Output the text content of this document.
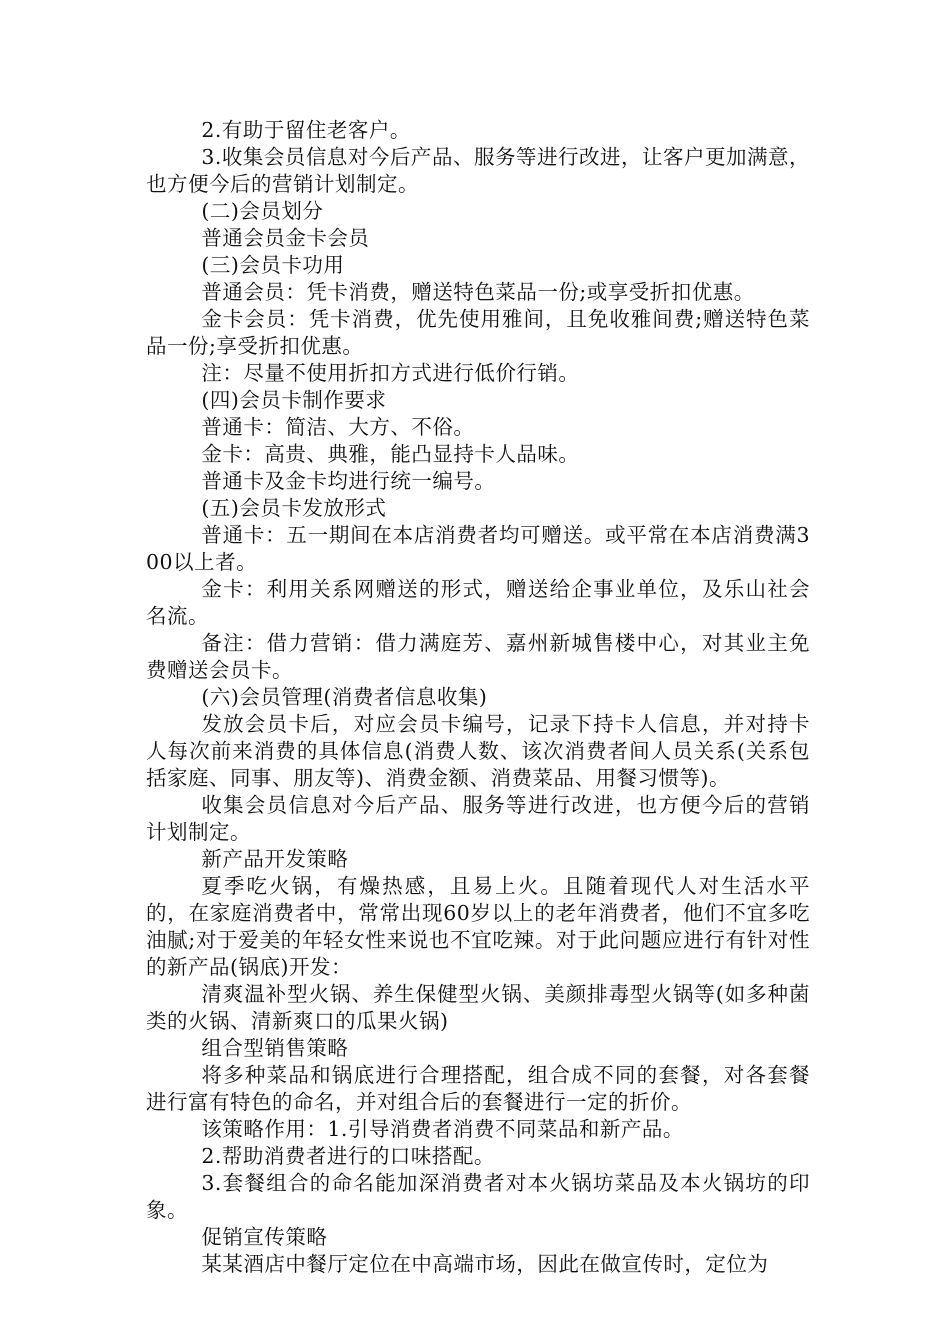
2.有助于留住老客户。

3.收集会员信息对今后产品、服务等进行改进，让客户更加满意，也方便今后的营销计划制定。

(二)会员划分

普通会员金卡会员

(三)会员卡功用

普通会员：凭卡消费，赠送特色菜品一份;或享受折扣优惠。

金卡会员：凭卡消费，优先使用雅间，且免收雅间费;赠送特色菜品一份;享受折扣优惠。

注：尽量不使用折扣方式进行低价行销。

(四)会员卡制作要求

普通卡：简洁、大方、不俗。

金卡：高贵、典雅，能凸显持卡人品味。

普通卡及金卡均进行统一编号。

(五)会员卡发放形式

普通卡：五一期间在本店消费者均可赠送。或平常在本店消费满300以上者。

金卡：利用关系网赠送的形式，赠送给企事业单位，及乐山社会名流。

备注：借力营销：借力满庭芳、嘉州新城售楼中心，对其业主免费赠送会员卡。

(六)会员管理(消费者信息收集)

发放会员卡后，对应会员卡编号，记录下持卡人信息，并对持卡人每次前来消费的具体信息(消费人数、该次消费者间人员关系(关系包括家庭、同事、朋友等)、消费金额、消费菜品、用餐习惯等)。

收集会员信息对今后产品、服务等进行改进，也方便今后的营销计划制定。

新产品开发策略

夏季吃火锅，有燥热感，且易上火。且随着现代人对生活水平的，在家庭消费者中，常常出现60岁以上的老年消费者，他们不宜多吃油腻;对于爱美的年轻女性来说也不宜吃辣。对于此问题应进行有针对性的新产品(锅底)开发：

清爽温补型火锅、养生保健型火锅、美颜排毒型火锅等(如多种菌类的火锅、清新爽口的瓜果火锅)

组合型销售策略

将多种菜品和锅底进行合理搭配，组合成不同的套餐，对各套餐进行富有特色的命名，并对组合后的套餐进行一定的折价。

该策略作用：1.引导消费者消费不同菜品和新产品。

2.帮助消费者进行的口味搭配。

3.套餐组合的命名能加深消费者对本火锅坊菜品及本火锅坊的印象。

促销宣传策略

某某酒店中餐厅定位在中高端市场，因此在做宣传时，定位为
